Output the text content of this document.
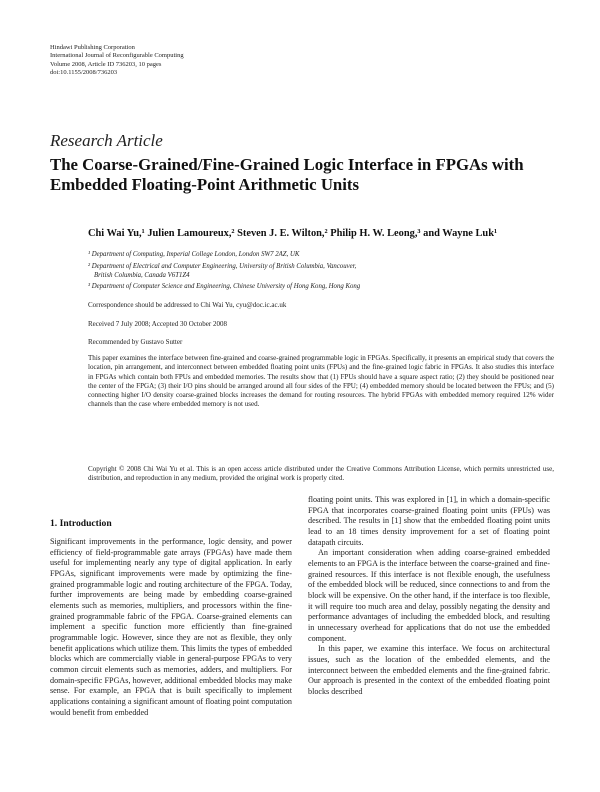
Hindawi Publishing Corporation
International Journal of Reconfigurable Computing
Volume 2008, Article ID 736203, 10 pages
doi:10.1155/2008/736203
Research Article
The Coarse-Grained/Fine-Grained Logic Interface in FPGAs with Embedded Floating-Point Arithmetic Units
Chi Wai Yu,¹ Julien Lamoureux,² Steven J. E. Wilton,² Philip H. W. Leong,³ and Wayne Luk¹
¹ Department of Computing, Imperial College London, London SW7 2AZ, UK
² Department of Electrical and Computer Engineering, University of British Columbia, Vancouver,
British Columbia, Canada V6T1Z4
³ Department of Computer Science and Engineering, Chinese University of Hong Kong, Hong Kong
Correspondence should be addressed to Chi Wai Yu, cyu@doc.ic.ac.uk
Received 7 July 2008; Accepted 30 October 2008
Recommended by Gustavo Sutter

This paper examines the interface between fine-grained and coarse-grained programmable logic in FPGAs. Specifically, it presents an empirical study that covers the location, pin arrangement, and interconnect between embedded floating point units (FPUs) and the fine-grained logic fabric in FPGAs. It also studies this interface in FPGAs which contain both FPUs and embedded memories. The results show that (1) FPUs should have a square aspect ratio; (2) they should be positioned near the center of the FPGA; (3) their I/O pins should be arranged around all four sides of the FPU; (4) embedded memory should be located between the FPUs; and (5) connecting higher I/O density coarse-grained blocks increases the demand for routing resources. The hybrid FPGAs with embedded memory required 12% wider channels than the case where embedded memory is not used.

Copyright © 2008 Chi Wai Yu et al. This is an open access article distributed under the Creative Commons Attribution License, which permits unrestricted use, distribution, and reproduction in any medium, provided the original work is properly cited.

1. Introduction

Significant improvements in the performance, logic density, and power efficiency of field-programmable gate arrays (FPGAs) have made them useful for implementing nearly any type of digital application. In early FPGAs, significant improvements were made by optimizing the fine-grained programmable logic and routing architecture of the FPGA. Today, further improvements are being made by embedding coarse-grained elements such as memories, multipliers, and processors within the fine-grained programmable fabric of the FPGA. Coarse-grained elements can implement a specific function more efficiently than fine-grained programmable logic. However, since they are not as flexible, they only benefit applications which utilize them. This limits the types of embedded blocks which are commercially viable in general-purpose FPGAs to very common circuit elements such as memories, adders, and multipliers. For domain-specific FPGAs, however, additional embedded blocks may make sense. For example, an FPGA that is built specifically to implement applications containing a significant amount of floating point computation would benefit from embedded

floating point units. This was explored in [1], in which a domain-specific FPGA that incorporates coarse-grained floating point units (FPUs) was described. The results in [1] show that the embedded floating point units lead to an 18 times density improvement for a set of floating point datapath circuits.

An important consideration when adding coarse-grained embedded elements to an FPGA is the interface between the coarse-grained and fine-grained resources. If this interface is not flexible enough, the usefulness of the embedded block will be reduced, since connections to and from the block will be expensive. On the other hand, if the interface is too flexible, it will require too much area and delay, possibly negating the density and performance advantages of including the embedded block, and resulting in unnecessary overhead for applications that do not use the embedded component.

In this paper, we examine this interface. We focus on architectural issues, such as the location of the embedded elements, and the interconnect between the embedded elements and the fine-grained fabric. Our approach is presented in the context of the embedded floating point blocks described
